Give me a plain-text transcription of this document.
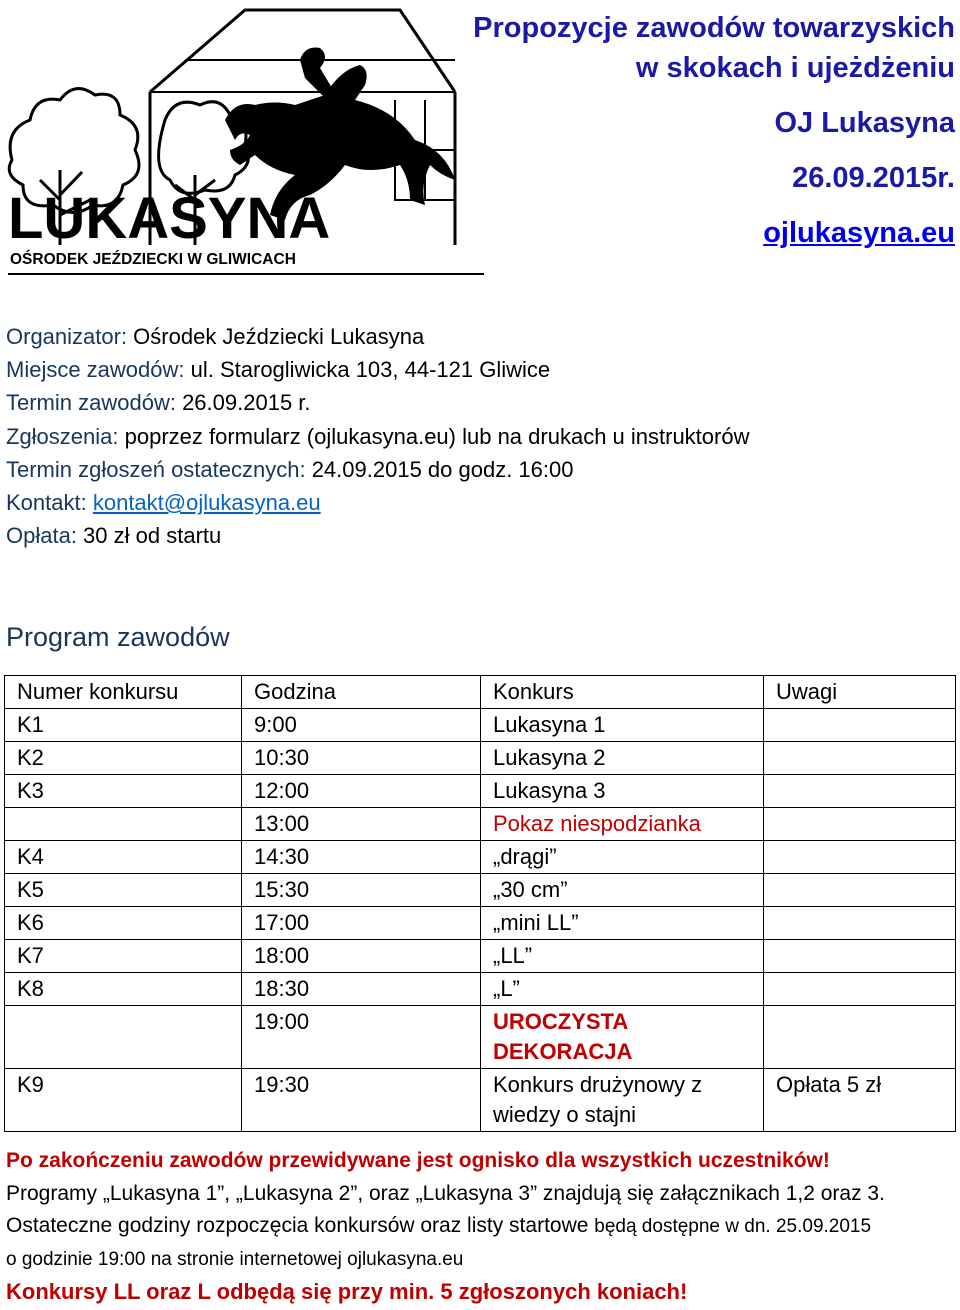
LUKASYNA
OŚRODEK JEŹDZIECKI W GLIWICACH
Propozycje zawodów towarzyskich
w skokach i ujeżdżeniu
OJ Lukasyna
26.09.2015r.
ojlukasyna.eu
Organizator: Ośrodek Jeździecki Lukasyna
Miejsce zawodów: ul. Starogliwicka 103, 44-121 Gliwice
Termin zawodów: 26.09.2015 r.
Zgłoszenia: poprzez formularz (ojlukasyna.eu) lub na drukach u instruktorów
Termin zgłoszeń ostatecznych: 24.09.2015 do godz. 16:00
Kontakt: kontakt@ojlukasyna.eu
Opłata: 30 zł od startu
Program zawodów
Numer konkursu	Godzina	Konkurs	Uwagi
K1	9:00	Lukasyna 1	
K2	10:30	Lukasyna 2	
K3	12:00	Lukasyna 3	
	13:00	Pokaz niespodzianka	
K4	14:30	„drągi”	
K5	15:30	„30 cm”	
K6	17:00	„mini LL”	
K7	18:00	„LL”	
K8	18:30	„L”	
	19:00	UROCZYSTA DEKORACJA	
K9	19:30	Konkurs drużynowy z wiedzy o stajni	Opłata 5 zł
Po zakończeniu zawodów przewidywane jest ognisko dla wszystkich uczestników!
Programy „Lukasyna 1”, „Lukasyna 2”, oraz „Lukasyna 3” znajdują się załącznikach 1,2 oraz 3.
Ostateczne godziny rozpoczęcia konkursów oraz listy startowe będą dostępne w dn. 25.09.2015
o godzinie 19:00 na stronie internetowej ojlukasyna.eu
Konkursy LL oraz L odbędą się przy min. 5 zgłoszonych koniach!
